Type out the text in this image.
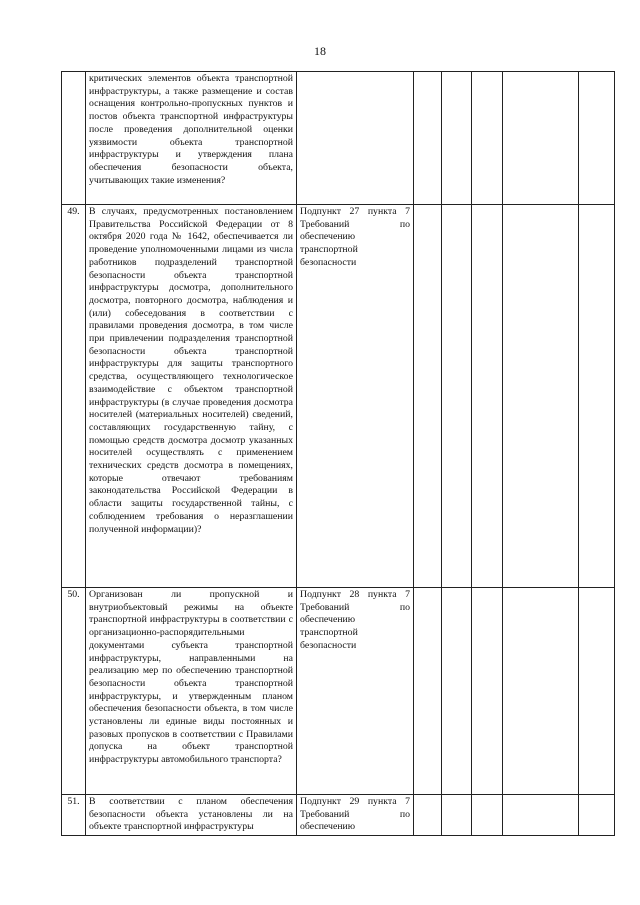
18
	критических элементов объекта транспортной инфраструктуры, а также размещение и состав оснащения контрольно-пропускных пунктов и постов объекта транспортной инфраструктуры после проведения дополнительной оценки уязвимости объекта транспортной инфраструктуры и утверждения плана обеспечения безопасности объекта, учитывающих такие изменения?						
49.	В случаях, предусмотренных постановлением Правительства Российской Федерации от 8 октября 2020 года № 1642, обеспечивается ли проведение уполномоченными лицами из числа работников подразделений транспортной безопасности объекта транспортной инфраструктуры досмотра, дополнительного досмотра, повторного досмотра, наблюдения и (или) собеседования в соответствии с правилами проведения досмотра, в том числе при привлечении подразделения транспортной безопасности объекта транспортной инфраструктуры для защиты транспортного средства, осуществляющего технологическое взаимодействие с объектом транспортной инфраструктуры (в случае проведения досмотра носителей (материальных носителей) сведений, составляющих государственную тайну, с помощью средств досмотра досмотр указанных носителей осуществлять с применением технических средств досмотра в помещениях, которые отвечают требованиям законодательства Российской Федерации в области защиты государственной тайны, с соблюдением требования о неразглашении полученной информации)?	Подпункт 27 пункта 7 Требований по обеспечению транспортной безопасности					
50.	Организован ли пропускной и внутриобъектовый режимы на объекте транспортной инфраструктуры в соответствии с организационно-распорядительными документами субъекта транспортной инфраструктуры, направленными на реализацию мер по обеспечению транспортной безопасности объекта транспортной инфраструктуры, и утвержденным планом обеспечения безопасности объекта, в том числе установлены ли единые виды постоянных и разовых пропусков в соответствии с Правилами допуска на объект транспортной инфраструктуры автомобильного транспорта?	Подпункт 28 пункта 7 Требований по обеспечению транспортной безопасности					
51.	В соответствии с планом обеспечения безопасности объекта установлены ли на объекте транспортной инфраструктуры	Подпункт 29 пункта 7 Требований по обеспечению					
